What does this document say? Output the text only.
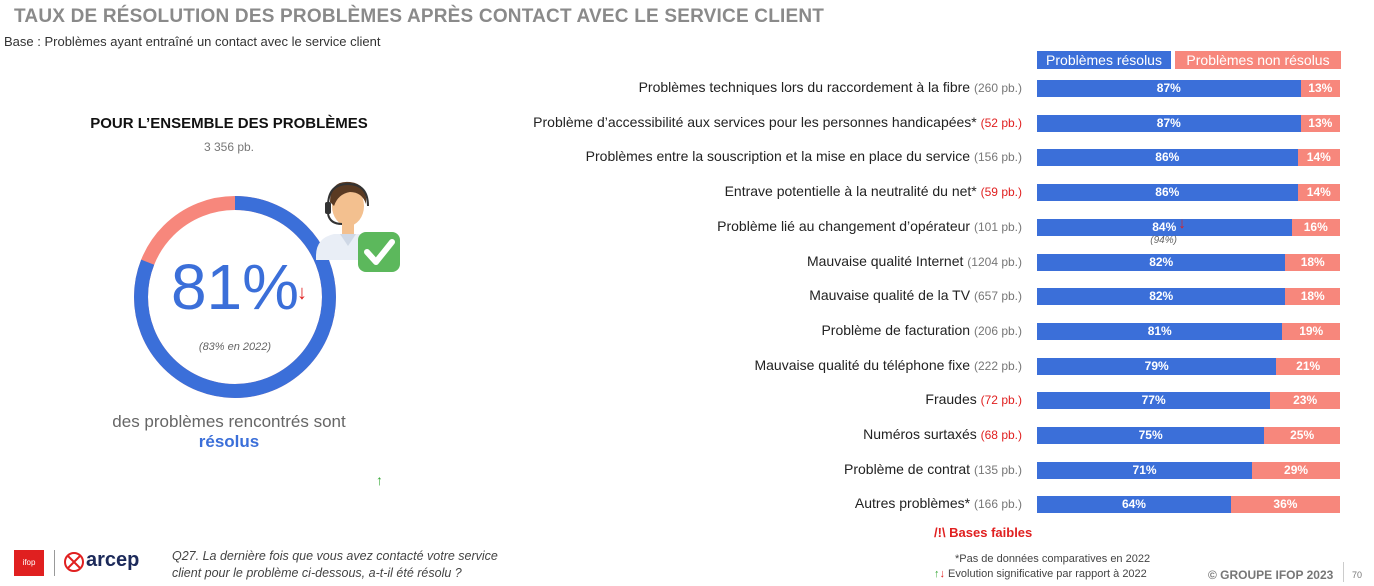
TAUX DE RÉSOLUTION DES PROBLÈMES APRÈS CONTACT AVEC LE SERVICE CLIENT
Base : Problèmes ayant entraîné un contact avec le service client
POUR L’ENSEMBLE DES PROBLÈMES
3 356 pb.
81%
↓
(83% en 2022)
des problèmes rencontrés sont
résolus
↑
Problèmes résolus	Problèmes non résolus
Problèmes techniques lors du raccordement à la fibre (260 pb.)	87%	13%
Problème d’accessibilité aux services pour les personnes handicapées* (52 pb.)	87%	13%
Problèmes entre la souscription et la mise en place du service (156 pb.)	86%	14%
Entrave potentielle à la neutralité du net* (59 pb.)	86%	14%
Problème lié au changement d’opérateur (101 pb.)	84%	16%
↓
(94%)
Mauvaise qualité Internet (1204 pb.)	82%	18%
Mauvaise qualité de la TV (657 pb.)	82%	18%
Problème de facturation (206 pb.)	81%	19%
Mauvaise qualité du téléphone fixe (222 pb.)	79%	21%
Fraudes (72 pb.)	77%	23%
Numéros surtaxés (68 pb.)	75%	25%
Problème de contrat (135 pb.)	71%	29%
Autres problèmes* (166 pb.)	64%	36%
/!\ Bases faibles
*Pas de données comparatives en 2022
↑↓ Evolution significative par rapport à 2022	© GROUPE IFOP 2023 70
ifop	arcep	Q27. La dernière fois que vous avez contacté votre service
client pour le problème ci-dessous, a-t-il été résolu ?
